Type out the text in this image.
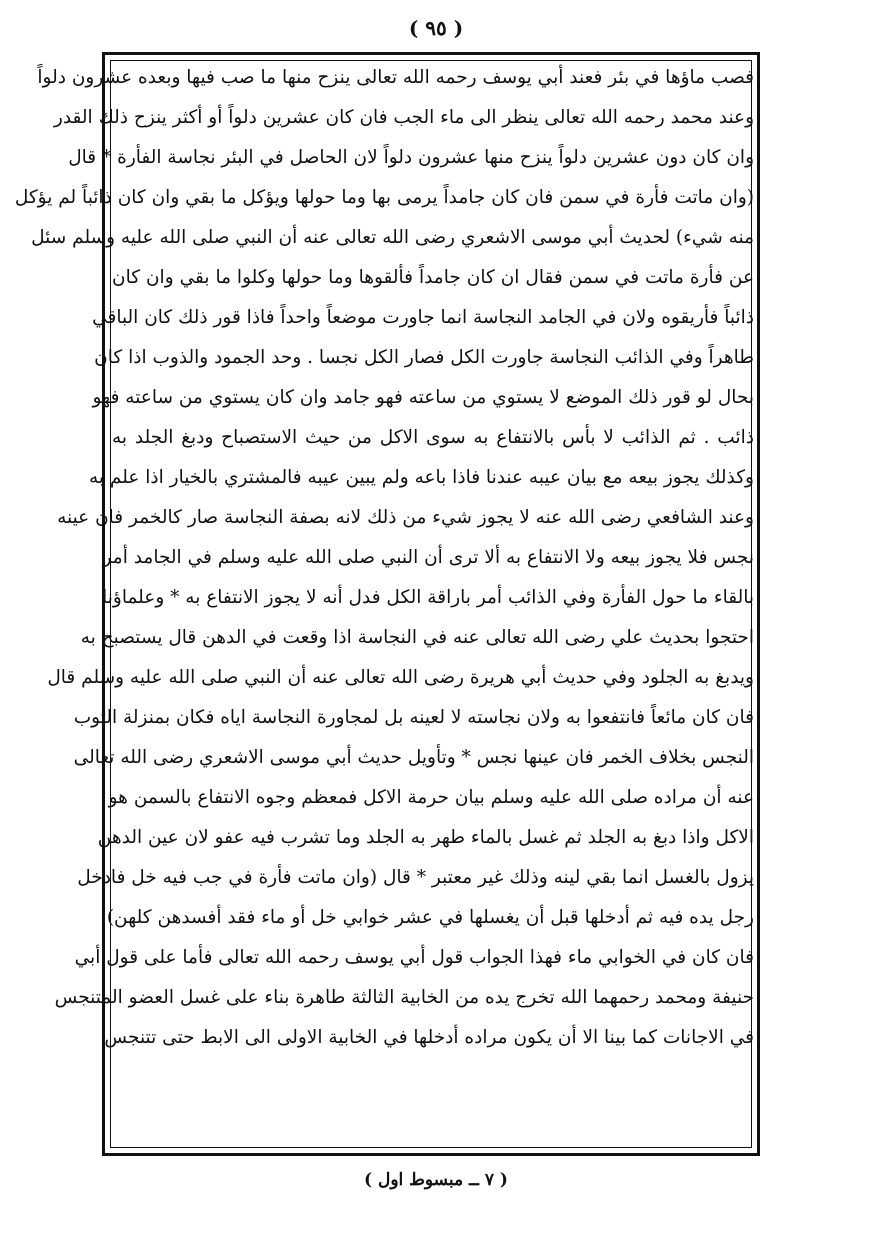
( ٩٥ )
فصب ماؤها في بئر فعند أبي يوسف رحمه الله تعالى ينزح منها ما صب فيها وبعده عشرون دلواً
وعند محمد رحمه الله تعالى ينظر الى ماء الجب فان كان عشرين دلواً أو أكثر ينزح ذلك القدر
وان كان دون عشرين دلواً ينزح منها عشرون دلواً لان الحاصل في البئر نجاسة الفأرة * قال
(وان ماتت فأرة في سمن فان كان جامداً يرمى بها وما حولها ويؤكل ما بقي وان كان ذائباً لم يؤكل
منه شيء) لحديث أبي موسى الاشعري رضى الله تعالى عنه أن النبي صلى الله عليه وسلم سئل
عن فأرة ماتت في سمن فقال ان كان جامداً فألقوها وما حولها وكلوا ما بقي وان كان
ذائباً فأريقوه ولان في الجامد النجاسة انما جاورت موضعاً واحداً فاذا قور ذلك كان الباقي
طاهراً وفي الذائب النجاسة جاورت الكل فصار الكل نجسا . وحد الجمود والذوب اذا كان
بحال لو قور ذلك الموضع لا يستوي من ساعته فهو جامد وان كان يستوي من ساعته فهو
ذائب . ثم الذائب لا بأس بالانتفاع به سوى الاكل من حيث الاستصباح ودبغ الجلد به
وكذلك يجوز بيعه مع بيان عيبه عندنا فاذا باعه ولم يبين عيبه فالمشتري بالخيار اذا علم به
وعند الشافعي رضى الله عنه لا يجوز شيء من ذلك لانه بصفة النجاسة صار كالخمر فان عينه
نجس فلا يجوز بيعه ولا الانتفاع به ألا ترى أن النبي صلى الله عليه وسلم في الجامد أمر
بالقاء ما حول الفأرة وفي الذائب أمر باراقة الكل فدل أنه لا يجوز الانتفاع به * وعلماؤنا
احتجوا بحديث علي رضى الله تعالى عنه في النجاسة اذا وقعت في الدهن قال يستصبح به
ويدبغ به الجلود وفي حديث أبي هريرة رضى الله تعالى عنه أن النبي صلى الله عليه وسلم قال
فان كان مائعاً فانتفعوا به ولان نجاسته لا لعينه بل لمجاورة النجاسة اياه فكان بمنزلة الثوب
النجس بخلاف الخمر فان عينها نجس * وتأويل حديث أبي موسى الاشعري رضى الله تعالى
عنه أن مراده صلى الله عليه وسلم بيان حرمة الاكل فمعظم وجوه الانتفاع بالسمن هو
الاكل واذا دبغ به الجلد ثم غسل بالماء طهر به الجلد وما تشرب فيه عفو لان عين الدهن
يزول بالغسل انما بقي لينه وذلك غير معتبر * قال (وان ماتت فأرة في جب فيه خل فادخل
رجل يده فيه ثم أدخلها قبل أن يغسلها في عشر خوابي خل أو ماء فقد أفسدهن كلهن)
فان كان في الخوابي ماء فهذا الجواب قول أبي يوسف رحمه الله تعالى فأما على قول أبي
حنيفة ومحمد رحمهما الله تخرج يده من الخابية الثالثة طاهرة بناء على غسل العضو المتنجس
في الاجانات كما بينا الا أن يكون مراده أدخلها في الخابية الاولى الى الابط حتى تتنجس
( ٧ ــ مبسوط اول )
